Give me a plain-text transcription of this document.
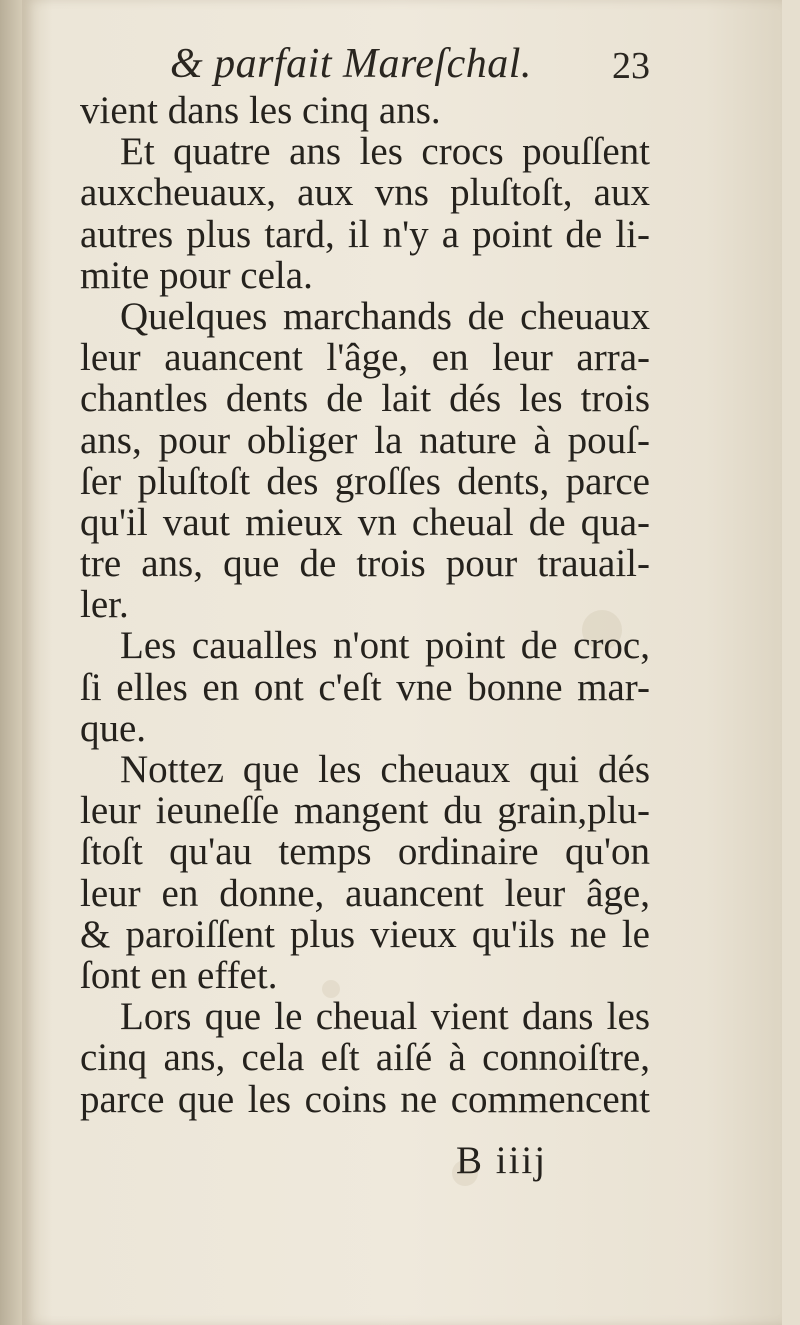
& parfait Mareſchal. 23
vient dans les cinq ans.
Et quatre ans les crocs pouſſent
auxcheuaux, aux vns pluſtoſt, aux
autres plus tard, il n'y a point de li-
mite pour cela.
Quelques marchands de cheuaux
leur auancent l'âge, en leur arra-
chantles dents de lait dés les trois
ans, pour obliger la nature à pouſ-
ſer pluſtoſt des groſſes dents, parce
qu'il vaut mieux vn cheual de qua-
tre ans, que de trois pour trauail-
ler.
Les caualles n'ont point de croc,
ſi elles en ont c'eſt vne bonne mar-
que.
Nottez que les cheuaux qui dés
leur ieuneſſe mangent du grain,plu-
ſtoſt qu'au temps ordinaire qu'on
leur en donne, auancent leur âge,
& paroiſſent plus vieux qu'ils ne le
ſont en effet.
Lors que le cheual vient dans les
cinq ans, cela eſt aiſé à connoiſtre,
parce que les coins ne commencent
B iiij
